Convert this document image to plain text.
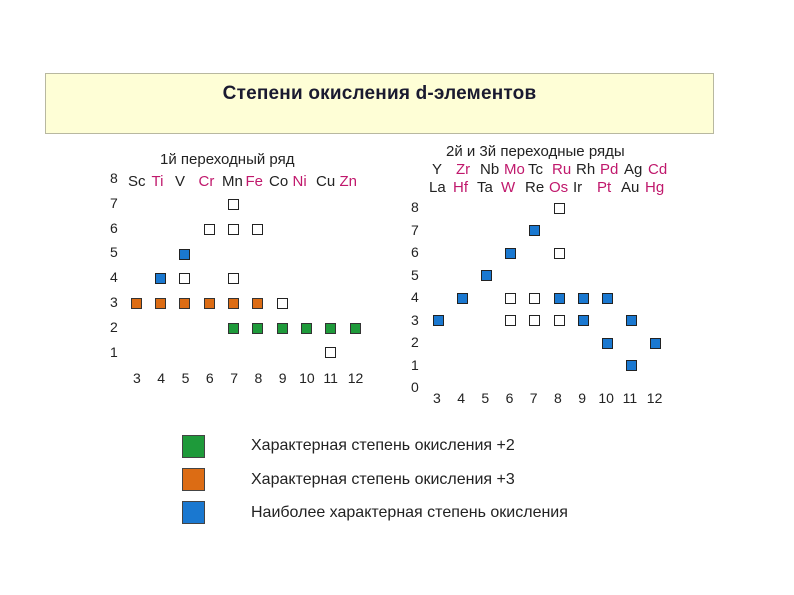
Степени окисления d-элементов
1й переходный ряд
Sc Ti V Cr Mn Fe Co Ni Cu Zn
8
7
6
5
4
3
2
1
3 4 5 6 7 8 9 10 11 12
2й и 3й переходные ряды
Y Zr Nb Mo Tc Ru Rh Pd Ag Cd
La Hf Ta W Re Os Ir Pt Au Hg
8
7
6
5
4
3
2
1
0
3 4 5 6 7 8 9 10 11 12
Характерная степень окисления +2
Характерная степень окисления +3
Наиболее характерная степень окисления
